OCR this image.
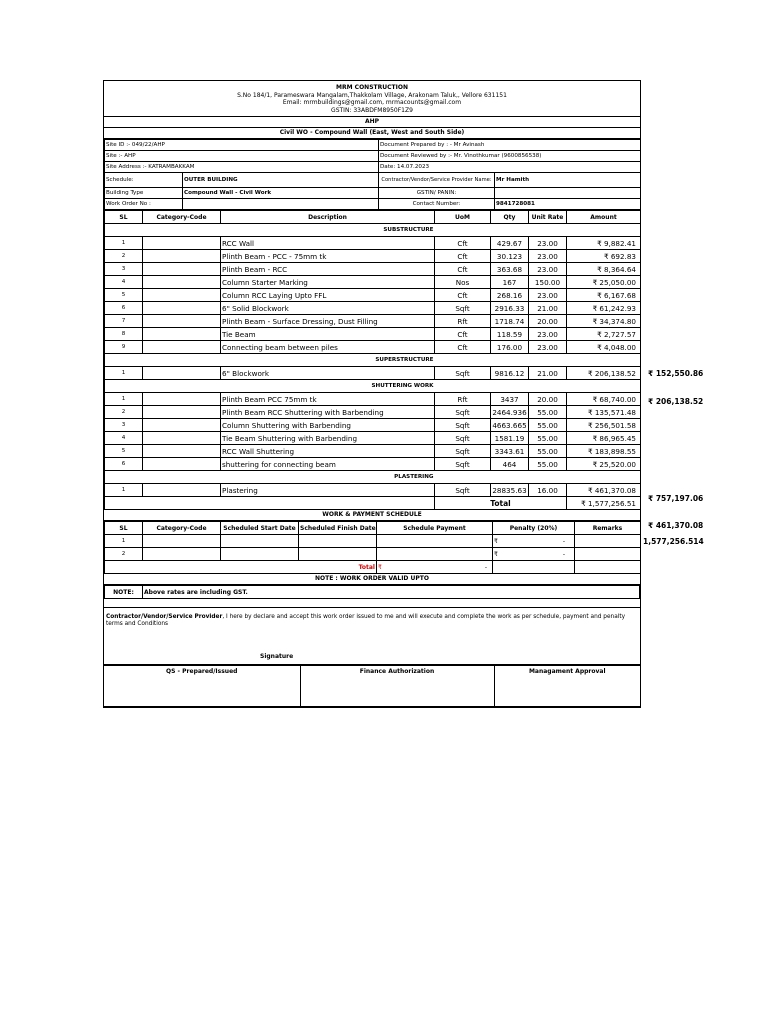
MRM CONSTRUCTION
S.No 184/1, Parameswara Mangalam,Thakkolam Village, Arakonam Taluk,, Vellore 631151
Email: mrmbuildings@gmail.com, mrmacounts@gmail.com
GSTIN: 33ABDFM8950F1Z9
AHP
Civil WO - Compound Wall (East, West and South Side)
Site ID :- 049/22/AHP		Document Prepared by : - Mr Avinash	
Site :- AHP		Document Reviewed by :- Mr. Vinothkumar (9600856538)	
Site Address :- KATRAMBAKKAM		Date: 14.07.2023	
Schedule:	OUTER BUILDING	Contractor/Vendor/Service Provider Name:	Mr Hamith
Building Type	Compound Wall - Civil Work	GSTIN/ PANIN:	
Work Order No :		Contact Number:	9841728081
SL	Category-Code	Description	UoM	Qty	Unit Rate	Amount
SUBSTRUCTURE						
1		RCC Wall	Cft	429.67	23.00	₹ 9,882.41
2		Plinth Beam - PCC - 75mm tk	Cft	30.123	23.00	₹ 692.83
3		Plinth Beam - RCC	Cft	363.68	23.00	₹ 8,364.64
4		Column Starter Marking	Nos	167	150.00	₹ 25,050.00
5		Column RCC Laying Upto FFL	Cft	268.16	23.00	₹ 6,167.68
6		6" Solid Blockwork	Sqft	2916.33	21.00	₹ 61,242.93
7		Plinth Beam - Surface Dressing, Dust Filling	Rft	1718.74	20.00	₹ 34,374.80
8		Tie Beam	Cft	118.59	23.00	₹ 2,727.57
9		Connecting beam between piles	Cft	176.00	23.00	₹ 4,048.00
SUPERSTRUCTURE						
1		6" Blockwork	Sqft	9816.12	21.00	₹ 206,138.52
SHUTTERING WORK						
1		Plinth Beam PCC 75mm tk	Rft	3437	20.00	₹ 68,740.00
2		Plinth Beam RCC Shuttering with Barbending	Sqft	2464.936	55.00	₹ 135,571.48
3		Column Shuttering with Barbending	Sqft	4663.665	55.00	₹ 256,501.58
4		Tie Beam Shuttering with Barbending	Sqft	1581.19	55.00	₹ 86,965.45
5		RCC Wall Shuttering	Sqft	3343.61	55.00	₹ 183,898.55
6		shuttering for connecting beam	Sqft	464	55.00	₹ 25,520.00
PLASTERING						
1		Plastering	Sqft	28835.63	16.00	₹ 461,370.08
			Total			₹ 1,577,256.51
WORK & PAYMENT SCHEDULE
SL	Category-Code	Scheduled Start Date	Scheduled Finish Date	Schedule Payment	Penalty (20%)	Remarks
1					₹ -	

2					₹ -	

Total				₹ -		

NOTE : WORK ORDER VALID UPTO
NOTE:	Above rates are including GST.
Contractor/Vendor/Service Provider, I here by declare and accept this work order issued to me and will execute and complete the work as per schedule, payment and penalty terms and Conditions
Signature
QS - Prepared/Issued	Finance Authorization	Managament Approval
₹ 152,550.86
₹ 206,138.52
₹ 757,197.06
₹ 461,370.08
1,577,256.514
